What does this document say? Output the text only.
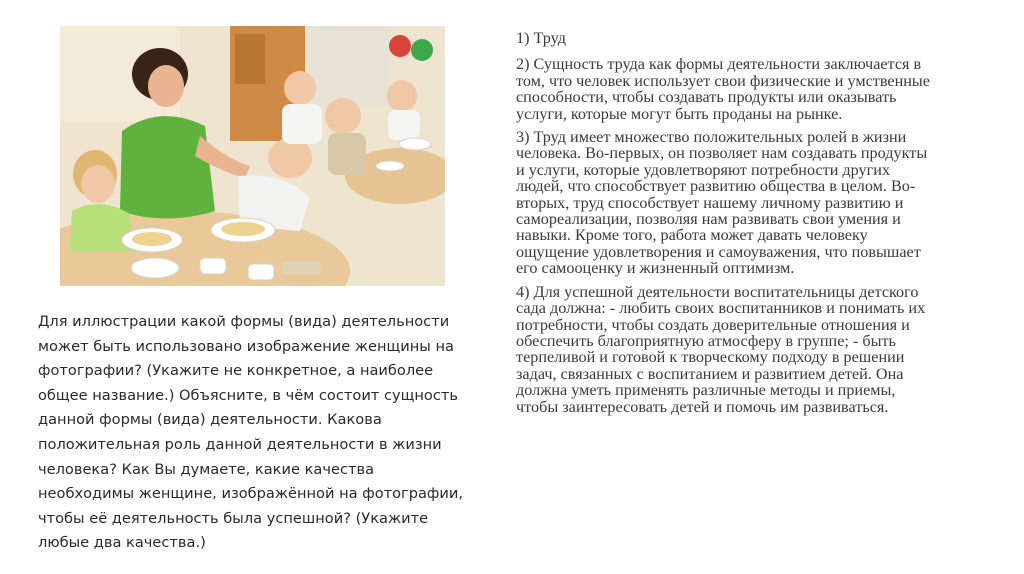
Для иллюстрации какой формы (вида) деятельности может быть использовано изображение женщины на фотографии? (Укажите не конкретное, а наиболее общее название.) Объясните, в чём состоит сущность данной формы (вида) деятельности. Какова положительная роль данной деятельности в жизни человека? Как Вы думаете, какие качества необходимы женщине, изображённой на фотографии, чтобы её деятельность была успешной? (Укажите любые два качества.)

1) Труд

2) Сущность труда как формы деятельности заключается в том, что человек использует свои физические и умственные способности, чтобы создавать продукты или оказывать услуги, которые могут быть проданы на рынке.

3) Труд имеет множество положительных ролей в жизни человека. Во-первых, он позволяет нам создавать продукты и услуги, которые удовлетворяют потребности других людей, что способствует развитию общества в целом. Во-вторых, труд способствует нашему личному развитию и самореализации, позволяя нам развивать свои умения и навыки. Кроме того, работа может давать человеку ощущение удовлетворения и самоуважения, что повышает его самооценку и жизненный оптимизм.

4) Для успешной деятельности воспитательницы детского сада должна: - любить своих воспитанников и понимать их потребности, чтобы создать доверительные отношения и обеспечить благоприятную атмосферу в группе; - быть терпеливой и готовой к творческому подходу в решении задач, связанных с воспитанием и развитием детей. Она должна уметь применять различные методы и приемы, чтобы заинтересовать детей и помочь им развиваться.
